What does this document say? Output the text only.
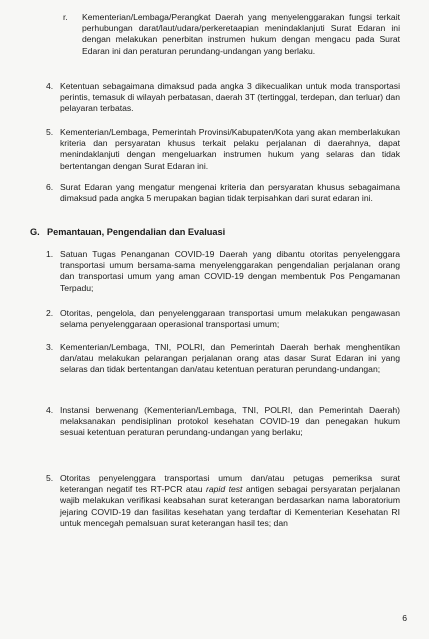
r. Kementerian/Lembaga/Perangkat Daerah yang menyelenggarakan fungsi terkait perhubungan darat/laut/udara/perkeretaapian menindaklanjuti Surat Edaran ini dengan melakukan penerbitan instrumen hukum dengan mengacu pada Surat Edaran ini dan peraturan perundang-undangan yang berlaku.

4. Ketentuan sebagaimana dimaksud pada angka 3 dikecualikan untuk moda transportasi perintis, temasuk di wilayah perbatasan, daerah 3T (tertinggal, terdepan, dan terluar) dan pelayaran terbatas.

5. Kementerian/Lembaga, Pemerintah Provinsi/Kabupaten/Kota yang akan memberlakukan kriteria dan persyaratan khusus terkait pelaku perjalanan di daerahnya, dapat menindaklanjuti dengan mengeluarkan instrumen hukum yang selaras dan tidak bertentangan dengan Surat Edaran ini.

6. Surat Edaran yang mengatur mengenai kriteria dan persyaratan khusus sebagaimana dimaksud pada angka 5 merupakan bagian tidak terpisahkan dari surat edaran ini.

G. Pemantauan, Pengendalian dan Evaluasi
1. Satuan Tugas Penanganan COVID-19 Daerah yang dibantu otoritas penyelenggara transportasi umum bersama-sama menyelenggarakan pengendalian perjalanan orang dan transportasi umum yang aman COVID-19 dengan membentuk Pos Pengamanan Terpadu;

2. Otoritas, pengelola, dan penyelenggaraan transportasi umum melakukan pengawasan selama penyelenggaraan operasional transportasi umum;

3. Kementerian/Lembaga, TNI, POLRI, dan Pemerintah Daerah berhak menghentikan dan/atau melakukan pelarangan perjalanan orang atas dasar Surat Edaran ini yang selaras dan tidak bertentangan dan/atau ketentuan peraturan perundang-undangan;

4. Instansi berwenang (Kementerian/Lembaga, TNI, POLRI, dan Pemerintah Daerah) melaksanakan pendisiplinan protokol kesehatan COVID-19 dan penegakan hukum sesuai ketentuan peraturan perundang-undangan yang berlaku;

5. Otoritas penyelenggara transportasi umum dan/atau petugas pemeriksa surat keterangan negatif tes RT-PCR atau rapid test antigen sebagai persyaratan perjalanan wajib melakukan verifikasi keabsahan surat keterangan berdasarkan nama laboratorium jejaring COVID-19 dan fasilitas kesehatan yang terdaftar di Kementerian Kesehatan RI untuk mencegah pemalsuan surat keterangan hasil tes; dan

6
